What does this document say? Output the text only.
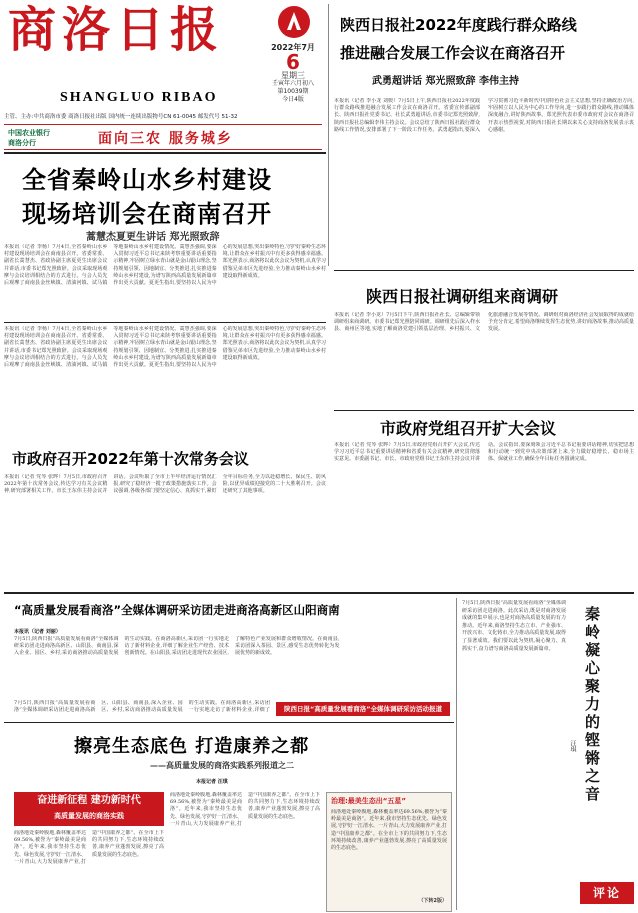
商洛日报
SHANGLUO RIBAO
2022年7月
6
星期三
壬寅年六月初八
第10039期
今日4版
主管、主办:中共商洛市委 商洛日报社出版 国内统一连续出版物号CN 61-0045 邮发代号 51-32
中国农业银行
商洛分行	面向三农 服务城乡
陕西日报社2022年度践行群众路线
推进融合发展工作会议在商洛召开
武勇超讲话 郑光照致辞 李伟主持
本报讯（记者 李小龙 刘媛）7月5日上午,陕西日报社2022年度践行群众路线推进融合发展工作会议在商洛召开。省委宣传部副部长、陕西日报社党委书记、社长武勇超讲话,市委书记郑光照致辞,陕西日报社总编辑李伟主持会议。会议总结了陕西日报社践行群众路线工作情况,安排部署了下一阶段工作任务。武勇超指出,要深入学习贯彻习近平新时代中国特色社会主义思想,坚持正确政治方向,牢固树立以人民为中心的工作导向,进一步践行群众路线,推动媒体深度融合,讲好陕西故事。郑光照代表市委市政府对会议在商洛召开表示热烈祝贺,对陕西日报社长期以来关心支持商洛发展表示衷心感谢。
全省秦岭山水乡村建设
现场培训会在商南召开
蒿慧杰夏更生讲话 郑光照致辞
本报讯（记者 李杨）7月4日,全省秦岭山水乡村建设现场培训会在商南县召开。省委常委、副省长蒿慧杰、省政协副主席夏更生出席会议并讲话,市委书记郑光照致辞。会议采取现场观摩与会议培训相结合的方式进行。与会人员先后观摩了商南县金丝峡镇、清油河镇、试马镇等地秦岭山水乡村建设情况。蒿慧杰强调,要深入贯彻习近平总书记来陕考察重要讲话重要指示精神,牢固树立绿水青山就是金山银山理念,坚持规划引领、因地制宜、分类推进,扎实推进秦岭山水乡村建设,为谱写陕西高质量发展新篇章作出更大贡献。夏更生指出,要坚持以人民为中心的发展思想,突出秦岭特色,守护好秦岭生态环境,让群众在乡村振兴中有更多获得感幸福感。郑光照表示,商洛将以此次会议为契机,认真学习借鉴兄弟市区先进经验,全力推动秦岭山水乡村建设取得新成效。
陕西日报社调研组来商调研
本报讯（记者 李小龙）7月5日下午,陕西日报社社长、总编辑带领调研组来商调研。市委书记郑光照陪同调研。调研组先后深入柞水县、商州区等地,实地了解商洛党建引领基层治理、乡村振兴、文化旅游融合发展等情况。调研组对商洛经济社会发展取得的成就给予充分肯定,希望商洛继续发挥生态优势,讲好商洛故事,推动高质量发展。
市政府党组召开扩大会议
本报讯（记者 党琴 张晔）7月5日,市政府党组召开扩大会议,传达学习习近平总书记重要讲话精神和省委有关会议精神,研究贯彻落实意见。市委副书记、市长、市政府党组书记王东伟主持会议并讲话。会议指出,要深刻领会习近平总书记重要讲话精神,切实把思想和行动统一到党中央决策部署上来,全力做好稳增长、稳市场主体、保就业工作,确保全年目标任务圆满完成。
本报讯（记者 李杨）7月4日,全省秦岭山水乡村建设现场培训会在商南县召开。省委常委、副省长蒿慧杰、省政协副主席夏更生出席会议并讲话,市委书记郑光照致辞。会议采取现场观摩与会议培训相结合的方式进行。与会人员先后观摩了商南县金丝峡镇、清油河镇、试马镇等地秦岭山水乡村建设情况。蒿慧杰强调,要深入贯彻习近平总书记来陕考察重要讲话重要指示精神,牢固树立绿水青山就是金山银山理念,坚持规划引领、因地制宜、分类推进,扎实推进秦岭山水乡村建设,为谱写陕西高质量发展新篇章作出更大贡献。夏更生指出,要坚持以人民为中心的发展思想,突出秦岭特色,守护好秦岭生态环境,让群众在乡村振兴中有更多获得感幸福感。郑光照表示,商洛将以此次会议为契机,认真学习借鉴兄弟市区先进经验,全力推动秦岭山水乡村建设取得新成效。
市政府召开2022年第十次常务会议
本报讯（记者 党琴 张晔）7月5日,市政府召开2022年第十次常务会议,传达学习有关会议精神,研究部署相关工作。市长王东伟主持会议并讲话。会议听取了全市上半年经济运行情况汇报,研究了稳经济一揽子政策措施落实工作。会议强调,各级各部门要坚定信心、真抓实干,紧盯全年目标任务,全力以赴稳增长、保民生、防风险,以优异成绩迎接党的二十大胜利召开。会议还研究了其他事项。
“高质量发展看商洛”全媒体调研采访团走进商洛高新区山阳商南
本报讯（记者 刘丽）
7月5日,陕西日报“高质量发展看商洛”全媒体调研采访团走进商洛高新区、山阳县、商南县,深入企业、园区、乡村,采访商洛推动高质量发展的生动实践。在商洛高新区,采访团一行实地走访了新材料企业,详细了解企业生产经营、技术创新情况。在山阳县,采访团走进现代农业园区,了解特色产业发展和群众增收情况。在商南县,采访团深入茶园、景区,感受生态优势转化为发展优势的新成效。
陕西日报“高质量发展看商洛”全媒体调研采访活动报道
7月5日,陕西日报“高质量发展看商洛”全媒体调研采访团走进商洛高新区、山阳县、商南县,深入企业、园区、乡村,采访商洛推动高质量发展的生动实践。在商洛高新区,采访团一行实地走访了新材料企业,详细了
擦亮生态底色 打造康养之都
——高质量发展的商洛实践系列报道之二
本报记者 汪琪
奋进新征程 建功新时代
高质量发展的商洛实践
商洛地处秦岭腹地,森林覆盖率达69.56%,被誉为“秦岭最美是商洛”。近年来,我市坚持生态优先、绿色发展,守护好一江清水、一片青山,大力发展康养产业,打造“中国康养之都”。在全市上下的共同努力下,生态环境持续改善,康养产业蓬勃发展,擦亮了高质量发展的生态底色。
商洛地处秦岭腹地,森林覆盖率达69.56%,被誉为“秦岭最美是商洛”。近年来,我市坚持生态优先、绿色发展,守护好一江清水、一片青山,大力发展康养产业,打造“中国康养之都”。在全市上下的共同努力下,生态环境持续改善,康养产业蓬勃发展,擦亮了高质量发展的生态底色。
治理:最美生态出“五星”
商洛地处秦岭腹地,森林覆盖率达69.56%,被誉为“秦岭最美是商洛”。近年来,我市坚持生态优先、绿色发展,守护好一江清水、一片青山,大力发展康养产业,打造“中国康养之都”。在全市上下的共同努力下,生态环境持续改善,康养产业蓬勃发展,擦亮了高质量发展的生态底色。
（下转2版）
7月5日,陕西日报“高质量发展看商洛”全媒体调研采访团走进商洛。此次采访,既是对商洛发展成就的集中展示,也是对商洛高质量发展的有力推动。近年来,商洛坚持生态立市、产业强市、开放兴市、文化铸市,全力推动高质量发展,取得了显著成效。我们要以此为契机,凝心聚力、真抓实干,奋力谱写商洛高质量发展新篇章。	秦岭凝心聚力的铿锵之音
汪琪
评论
